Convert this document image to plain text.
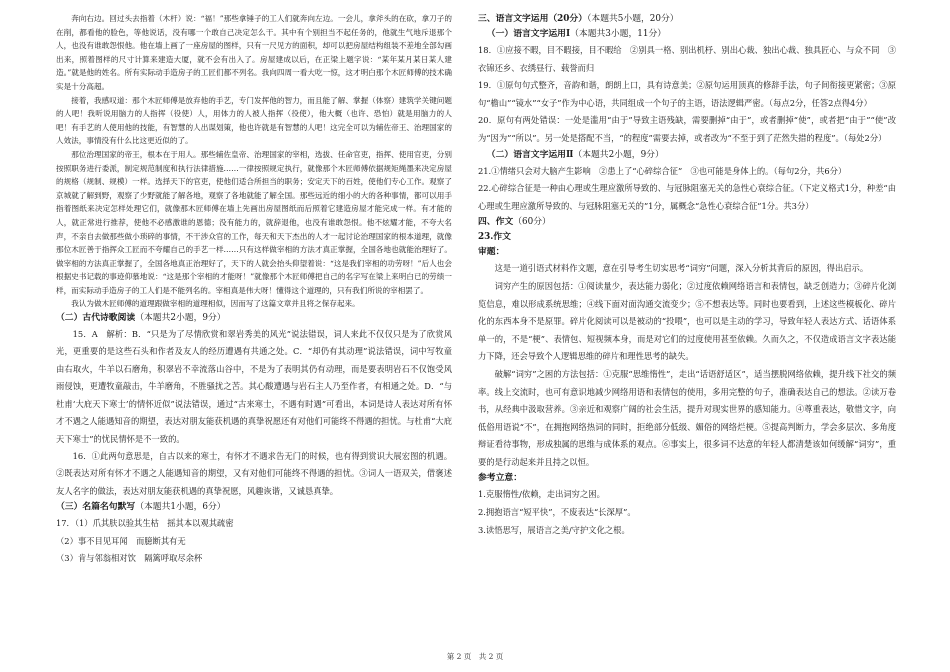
奔向右边。回过头去指着（木杆）说：“福！”那些拿锤子的工人们就奔向左边。一会儿，拿斧头的在砍，拿刀子的在削，都看他的脸色，等他说话，没有哪一个敢自己决定怎么干。其中有个别担当不起任务的，他就生气地斥退那个人，也没有谁敢怨恨他。他在墙上画了一座房屋的图样，只有一尺见方的面积，却可以把房屋结构组装不差地全部勾画出来，照着图样的尺寸计算来建造大厦，就不会有出入了。房屋建成以后，在正梁上题字说：“某年某月某日某人建造。”就是他的姓名。所有实际动手造房子的工匠们都不列名。我向四周一看大吃一惊，这才明白那个木匠师傅的技术确实是十分高超。

接着，我感叹道：那个木匠师傅是放弃他的手艺，专门发挥他的智力，而且能了解、掌握（体察）建筑学关键问题的人吧！我听说用脑力的人指挥（役使）人，用体力的人被人指挥（役使），他大概（也许、恐怕）就是用脑力的人吧！有手艺的人使用他的技能，有智慧的人出谋划策，他也许就是有智慧的人吧！这完全可以为辅佐帝王、治理国家的人效法，事情没有什么比这更近似的了。

那位治理国家的帝王，根本在于用人。那些辅佐皇帝、治理国家的宰相，选拔、任命官吏，指挥、使用官吏，分别按照职务进行委派，制定规范制度和执行法律措施……一律按照规定执行，就像那个木匠师傅依据规矩绳墨来决定房屋的规格（规制、规模）一样。选择天下的官吏，使他们适合所担当的职务；安定天下的百姓，使他们专心工作。观察了京城就了解到野，观察了少野就能了解各地，观察了各地就能了解全国。那些远近的细小的大的各种事情，都可以用手指着图纸来决定怎样处理它们，就像那木匠师傅在墙上先画出房屋图纸而后照着它建造房屋才能完成一样。有才能的人，就正常进行推荐，使他不必感激谁的恩德；没有能力的，就辞退他，也没有谁敢怨恨。他不炫耀才能，不夸大名声，不亲自去做那些做小琐碎的事情，不干涉众官的工作，每天和天下杰出的人才一起讨论治理国家的根本道理，就像那位木匠善于指挥众工匠而不夸耀自己的手艺一样……只有这样做宰相的方法才真正掌握，全国各地也就能治理好了。做宰相的方法真正掌握了，全国各地真正治理好了，天下的人就会抬头仰望着说：“这是我们宰相的功劳呀！”后人也会根据史书记载的事迹仰慕地说：“这是那个宰相的才能呀！”就像那个木匠师傅把自己的名字写在梁上来明白已的劳绩一样，而实际动手造房子的工人们是不能列名的。宰相真是伟大呀！懂得这个道理的，只有我们所说的宰相罢了。

我认为做木匠师傅的道理跟做宰相的道理相似，因而写了这篇文章并且将之保存起来。

（二）古代诗歌阅读（本题共2小题，9分）

15．A　解析：B．“只是为了尽情欣赏和翠岩秀美的风光”说法错误，词人来此不仅仅只是为了欣赏风光，更重要的是这些石头和作者及友人的经历遭遇有共通之处。C．“却仍有其动理”说法错误，词中写牧童由右取火，牛羊以石磨角，积翠岩不幸流落山谷中，不是为了表明其仍有动理，而是要表明岩石不仅饱受风雨侵蚀，更遭牧童敲击，牛羊磨角，不胜骚扰之苦。其心酸遭遇与岩石主人乃至作者，有相通之处。D．“与杜甫‘大庇天下寒士’的情怀近似”说法错误，通过“古来寒士，不遇有时遇”可看出，本词是诗人表达对所有怀才不遇之人能遇知音的期望，表达对朋友能获机遇的真挚祝愿还有对他们可能终不得遇的担忧。与杜甫“大庇天下寒士”的忧民情怀是不一致的。

16．①此两句意思是，自古以来的寒士，有怀才不遇求告无门的时候，也有得到赏识大展宏图的机遇。②既表达对所有怀才不遇之人能遇知音的期望，又有对他们可能终不得遇的担忧。③词人一语双关，借褒述友人名字的做法，表达对朋友能获机遇的真挚祝愿，风趣诙谐，又诚恳真挚。

（三）名篇名句默写（本题共1小题，6分）

17．（1）爪其肤以验其生枯　摇其本以观其疏密

（2）事不目见耳闻　而臆断其有无

（3）肯与邻翁相对饮　隔篱呼取尽余杯

三、语言文字运用（20分）（本题共5小题，20分）

 （一）语言文字运用Ⅰ（本题共3小题，11分）

18．①应接不暇，目不暇接，目不暇给　②别具一格、别出机杼、别出心裁、独出心裁、独具匠心、与众不同　③衣锦还乡、衣绣昼行、载誉而归

19．①原句句式整齐，音韵和谐，朗朗上口，具有诗意美；②原句运用顶真的修辞手法，句子间衔接更紧密；③原句“檐山”“镜水”“女子”作为中心语，共同组成一个句子的主语，语法逻辑严密。（每点2分，任答2点得4分）

20．原句有两处错误：一处是滥用“由于”导致主语残缺，需要删掉“由于”，或者删掉“使”，或者把“由于”“使”改为“因为”“所以”。另一处是搭配不当，“的程度”需要去掉，或者改为“不至于到了茫然失措的程度”。（每处2分）

 （二）语言文字运用Ⅱ（本题共2小题，9分）

21.①情绪只会对大脑产生影响　②患上了“心碎综合征”　③也可能是身体上的。（每句2分，共6分）

22.心碎综合征是一种由心理或生理应激所导致的、与冠脉阻塞无关的急性心衰综合征。（下定义格式1分，种差“由心理或生理应激所导致的、与冠脉阻塞无关的”1分，属概念“急性心衰综合征”1分。共3分）

四、作文（60分）

23.作文

审题：

这是一道引语式材料作文题，意在引导考生切实思考“词穷”问题，深入分析其背后的原因，得出启示。

词穷产生的原因包括：①阅读量少，表达能力弱化；②过度依赖网络语言和表情包，缺乏创造力；③碎片化浏览信息，难以形成系统思维；④线下面对面沟通交流变少；⑤不想表达等。同时也要看到，上述这些模板化、碎片化的东西本身不是原罪。碎片化阅读可以是被动的“投喂”，也可以是主动的学习，导致年轻人表达方式、话语体系单一的，不是“梗”、表情包、短视频本身，而是对它们的过度使用甚至依赖。久而久之，不仅造成语言文字表达能力下降，还会导致个人逻辑思维的碎片和理性思考的缺失。

破解“词穷”之困的方法包括：①克服“思维惰性”，走出“话语舒适区”，适当摆脱网络依赖，提升线下社交的频率。线上交流时，也可有意识地减少网络用语和表情包的使用，多用完整的句子，准确表达自己的想法。②读万卷书，从经典中汲取营养。③亲近和观察广阔的社会生活，提升对现实世界的感知能力。④尊重表达，敬惜文字，向低俗用语说“不”，在拥抱网络热词的同时，拒绝部分低级、媚俗的网络烂梗。⑤提高判断力，学会多层次、多角度辩证看待事物，形成独属的思维与成体系的观点。⑥事实上，很多词不达意的年轻人都清楚该如何缓解“词穷”，重要的是行动起来并且持之以恒。

参考立意：

1.克服惰性/依赖，走出词穷之困。

2.拥抱语言“短平快”，不废表达“长深厚”。

3.读悟思写，展语言之美/守护文化之根。

第 2 页　共 2 页
